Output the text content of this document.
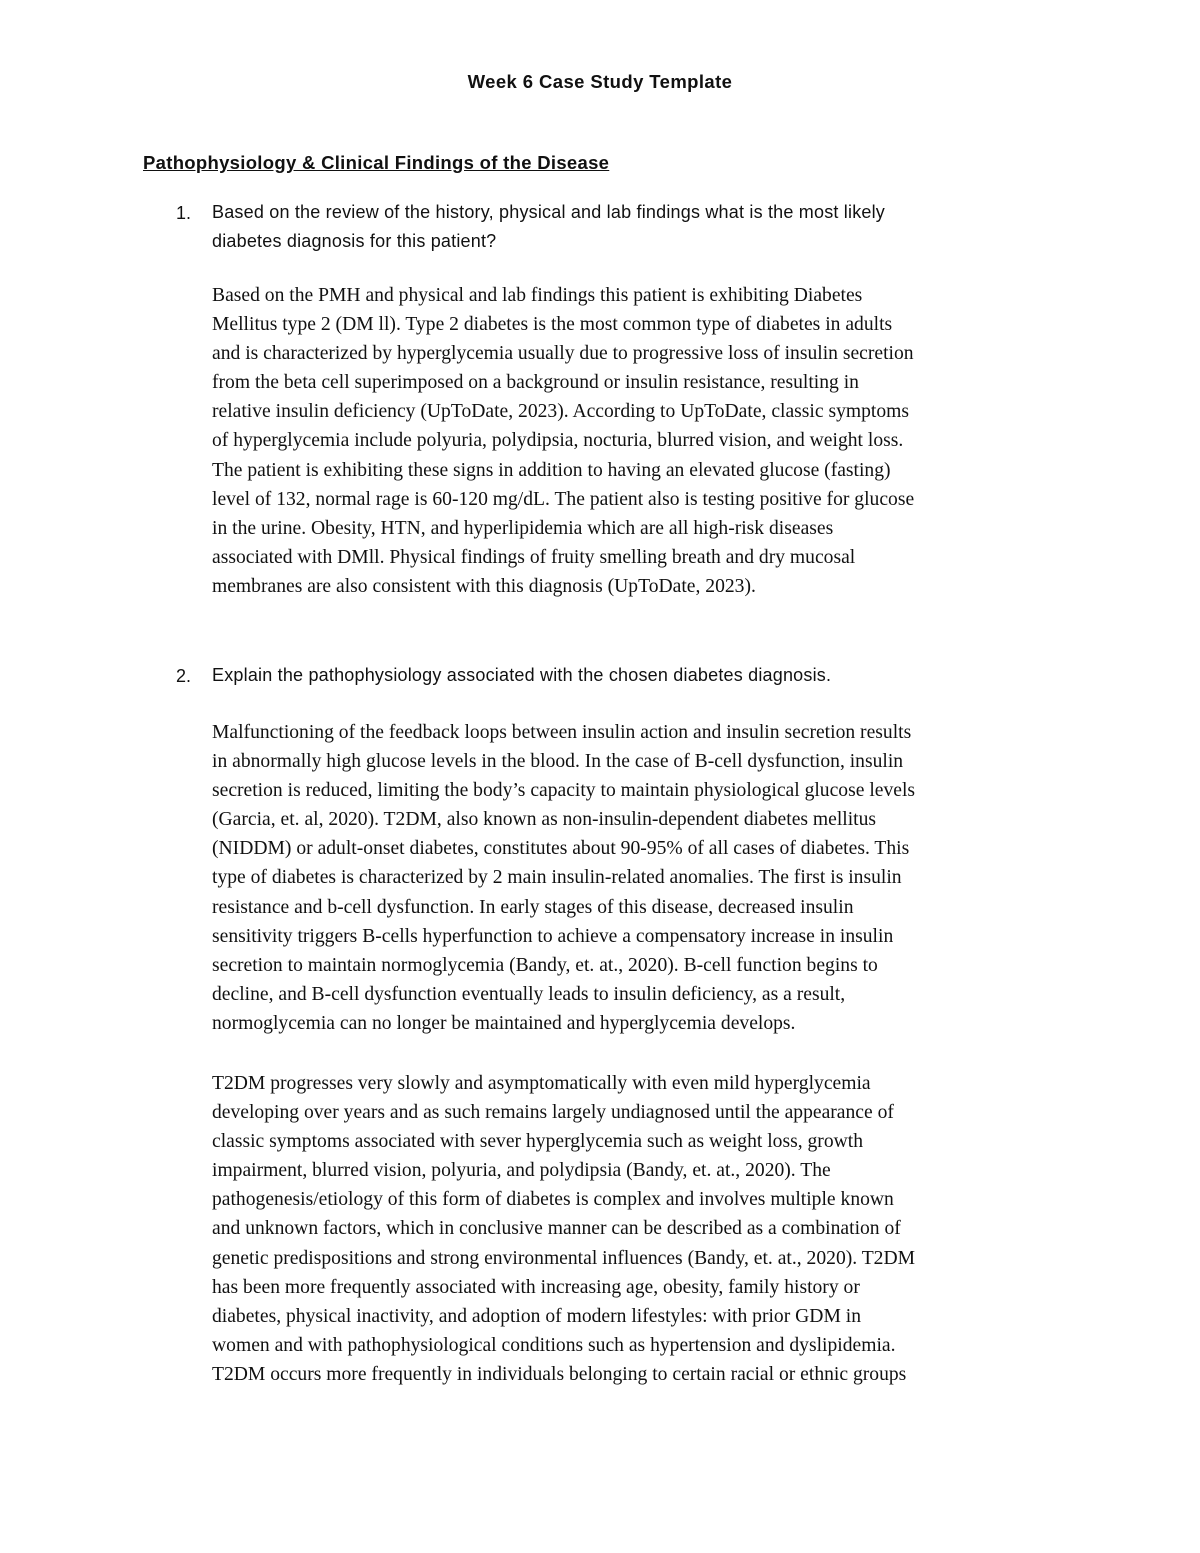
Week 6 Case Study Template
Pathophysiology & Clinical Findings of the Disease
1. Based on the review of the history, physical and lab findings what is the most likely
diabetes diagnosis for this patient?

Based on the PMH and physical and lab findings this patient is exhibiting Diabetes
Mellitus type 2 (DM ll). Type 2 diabetes is the most common type of diabetes in adults
and is characterized by hyperglycemia usually due to progressive loss of insulin secretion
from the beta cell superimposed on a background or insulin resistance, resulting in
relative insulin deficiency (UpToDate, 2023). According to UpToDate, classic symptoms
of hyperglycemia include polyuria, polydipsia, nocturia, blurred vision, and weight loss.
The patient is exhibiting these signs in addition to having an elevated glucose (fasting)
level of 132, normal rage is 60-120 mg/dL. The patient also is testing positive for glucose
in the urine. Obesity, HTN, and hyperlipidemia which are all high-risk diseases
associated with DMll. Physical findings of fruity smelling breath and dry mucosal
membranes are also consistent with this diagnosis (UpToDate, 2023).

2. Explain the pathophysiology associated with the chosen diabetes diagnosis.

Malfunctioning of the feedback loops between insulin action and insulin secretion results
in abnormally high glucose levels in the blood. In the case of B-cell dysfunction, insulin
secretion is reduced, limiting the body’s capacity to maintain physiological glucose levels
(Garcia, et. al, 2020). T2DM, also known as non-insulin-dependent diabetes mellitus
(NIDDM) or adult-onset diabetes, constitutes about 90-95% of all cases of diabetes. This
type of diabetes is characterized by 2 main insulin-related anomalies. The first is insulin
resistance and b-cell dysfunction. In early stages of this disease, decreased insulin
sensitivity triggers B-cells hyperfunction to achieve a compensatory increase in insulin
secretion to maintain normoglycemia (Bandy, et. at., 2020). B-cell function begins to
decline, and B-cell dysfunction eventually leads to insulin deficiency, as a result,
normoglycemia can no longer be maintained and hyperglycemia develops.

T2DM progresses very slowly and asymptomatically with even mild hyperglycemia
developing over years and as such remains largely undiagnosed until the appearance of
classic symptoms associated with sever hyperglycemia such as weight loss, growth
impairment, blurred vision, polyuria, and polydipsia (Bandy, et. at., 2020). The
pathogenesis/etiology of this form of diabetes is complex and involves multiple known
and unknown factors, which in conclusive manner can be described as a combination of
genetic predispositions and strong environmental influences (Bandy, et. at., 2020). T2DM
has been more frequently associated with increasing age, obesity, family history or
diabetes, physical inactivity, and adoption of modern lifestyles: with prior GDM in
women and with pathophysiological conditions such as hypertension and dyslipidemia.
T2DM occurs more frequently in individuals belonging to certain racial or ethnic groups
